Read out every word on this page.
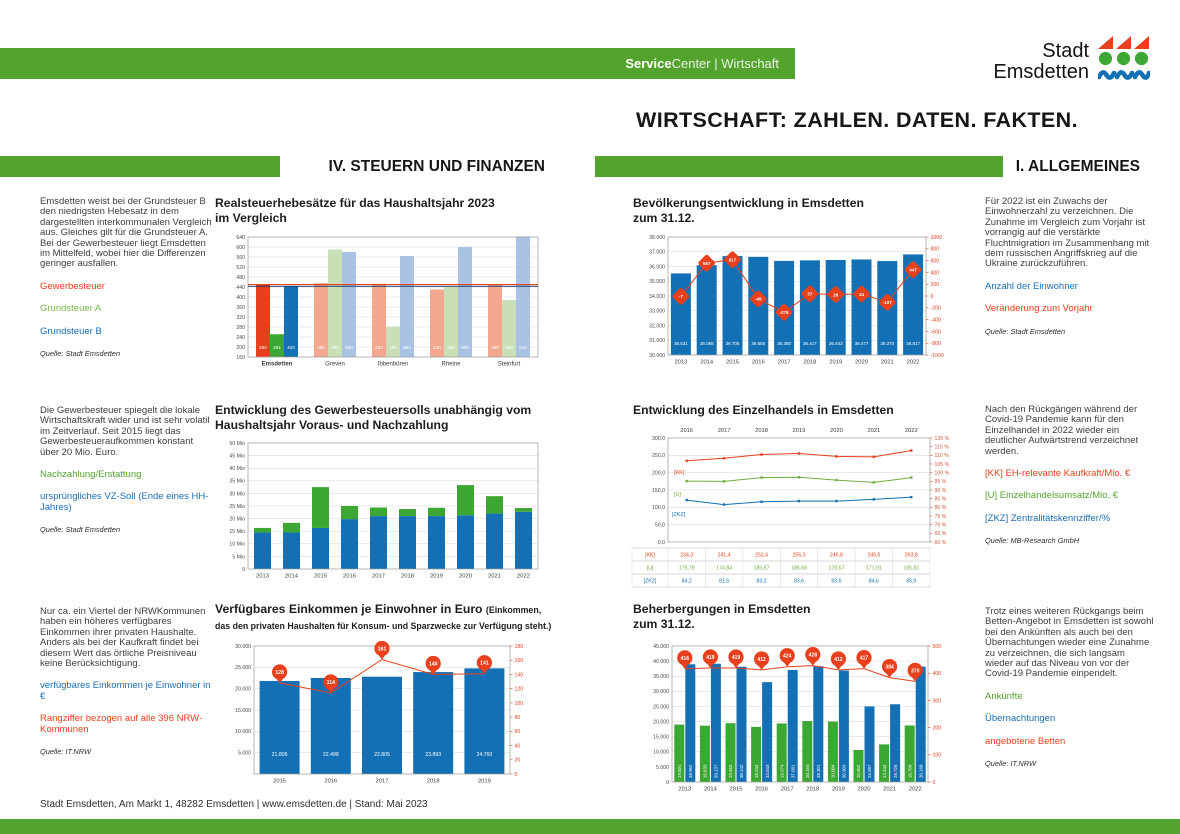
ServiceCenter | Wirtschaft
Stadt
Emsdetten
WIRTSCHAFT: ZAHLEN. DATEN. FAKTEN.
IV. STEUERN UND FINANZEN	I. ALLGEMEINES

Emsdetten weist bei der Grundsteuer B den niedrigsten Hebesatz in dem dargestellten interkommunalen Vergleich aus. Gleiches gilt für die Grundsteuer A. Bei der Gewerbesteuer liegt Emsdetten im Mittelfeld, wobei hier die Differenzen geringer ausfallen.

Gewerbesteuer
Grundsteuer A
Grundsteuer B
Quelle: Stadt Emsdetten
Realsteuerhebesätze für das Haushaltsjahr 2023
im Vergleich
160
200
240
280
320
360
400
440
480
520
560
600
640
450	455	453	430	450
251	590	281	440	388
443	580	564	600	642
Emsdetten	Greven	Ibbenbüren	Rheine	Steinfurt
Bevölkerungsentwicklung in Emsdetten
zum 31.12.
30.000
31.000
32.000
33.000
34.000
35.000
36.000
37.000
38.000
35.531	36.088	36.705	36.656	36.380	36.417	36.443	36.477	36.370	36.817
-1000
-800
-600
-400
-200
0
200
400
600
800
1000
2013 2014 2015 2016 2017 2018 2019 2020 2021 2022
-7
557
617
-49
-276
37	26	34
-107
447

Für 2022 ist ein Zuwachs der Einwohnerzahl zu verzeichnen. Die Zunahme im Vergleich zum Vorjahr ist vorrangig auf die verstärkte Fluchtmigration im Zusammenhang mit dem russischen Angriffskrieg auf die Ukraine zurückzuführen.

Anzahl der Einwohner
Veränderung zum Vorjahr
Quelle: Stadt Emsdetten

Die Gewerbesteuer spiegelt die lokale Wirtschaftskraft wider und ist sehr volatil im Zeitverlauf. Seit 2015 liegt das Gewerbesteueraufkommen konstant über 20 Mio. Euro.

Nachzahlung/Erstattung
ursprüngliches VZ-Soll (Ende eines HH-Jahres)
Quelle: Stadt Emsdetten
Entwicklung des Gewerbesteuersolls unabhängig vom
Haushaltsjahr Voraus- und Nachzahlung
0
5 Mio
10 Mio
15 Mio
20 Mio
25 Mio
30 Mio
35 Mio
40 Mio
45 Mio
50 Mio
2013	2014	2015	2016	2017	2018	2019	2020	2021	2022
Entwicklung des Einzelhandels in Emsdetten
0,0
50,0
100,0
150,0
200,0
250,0
300,0
60 %
65 %
70 %
75 %
80 %
85 %
90 %
95 %
100 %
105 %
110 %
115 %
120 %
2016	2017	2018	2019	2020	2021	2022
[KK]
[U]
[ZKZ]
[KK]	234,3	241,4	252,4	255,3	246,8	245,5	263,8
[U]	175,79	174,84	185,67	186,68	178,67	171,91	185,81
[ZKZ]	84,2	81,6	83,2	83,6	83,6	84,6	85,9

Nach den Rückgängen während der Covid-19 Pandemie kann für den Einzelhandel in 2022 wieder ein deutlicher Aufwärtstrend verzeichnet werden.

[KK] EH-relevante Kaufkraft/Mio. €
[U] Einzelhandelsumsatz/Mio. €
[ZKZ] Zentralitätskennziffer/%
Quelle: MB-Research GmbH

Nur ca. ein Viertel der NRWKommunen haben ein höheres verfügbares Einkommen ihrer privaten Haushalte. Anders als bei der Kaufkraft findet bei diesem Wert das örtliche Preisniveau keine Berücksichtigung.

verfügbares Einkommen je Einwohner in €
Rangziffer bezogen auf alle 396 NRW-Kommunen
Quelle: IT.NRW
Verfügbares Einkommen je Einwohner in Euro (Einkommen,
das den privaten Haushalten für Konsum- und Sparzwecke zur Verfügung steht.)
5.000
10.000
15.000
20.000
25.000
30.000
21.806	22.498	22.805	23.893	24.760
0
20
40
60
80
100
120
140
160
180
2015	2016	2017	2018	2019
128
114
161
140	141
Beherbergungen in Emsdetten
zum 31.12.
0
5.000
10.000
15.000
20.000
25.000
30.000
35.000
40.000
45.000
19.001	18.633	19.463	18.244	19.374	20.164	20.004	10.602	12.444	18.708
38.952	39.137	38.142	33.043	37.081	38.301	36.903	24.997	25.726	38.168
0
100
200
300
400
500
2013 2014 2015 2016 2017 2018 2019 2020 2021 2022
416	419	419	412
424	428
412	417
384
370

Trotz eines weiteren Rückgangs beim Betten-Angebot in Emsdetten ist sowohl bei den Ankünften als auch bei den Übernachtungen wieder eine Zunahme zu verzeichnen, die sich langsam wieder auf das Niveau von vor der Covid-19 Pandemie einpendelt.

Ankünfte
Übernachtungen
angebotene Betten
Quelle: IT.NRW
Stadt Emsdetten, Am Markt 1, 48282 Emsdetten | www.emsdetten.de | Stand: Mai 2023
